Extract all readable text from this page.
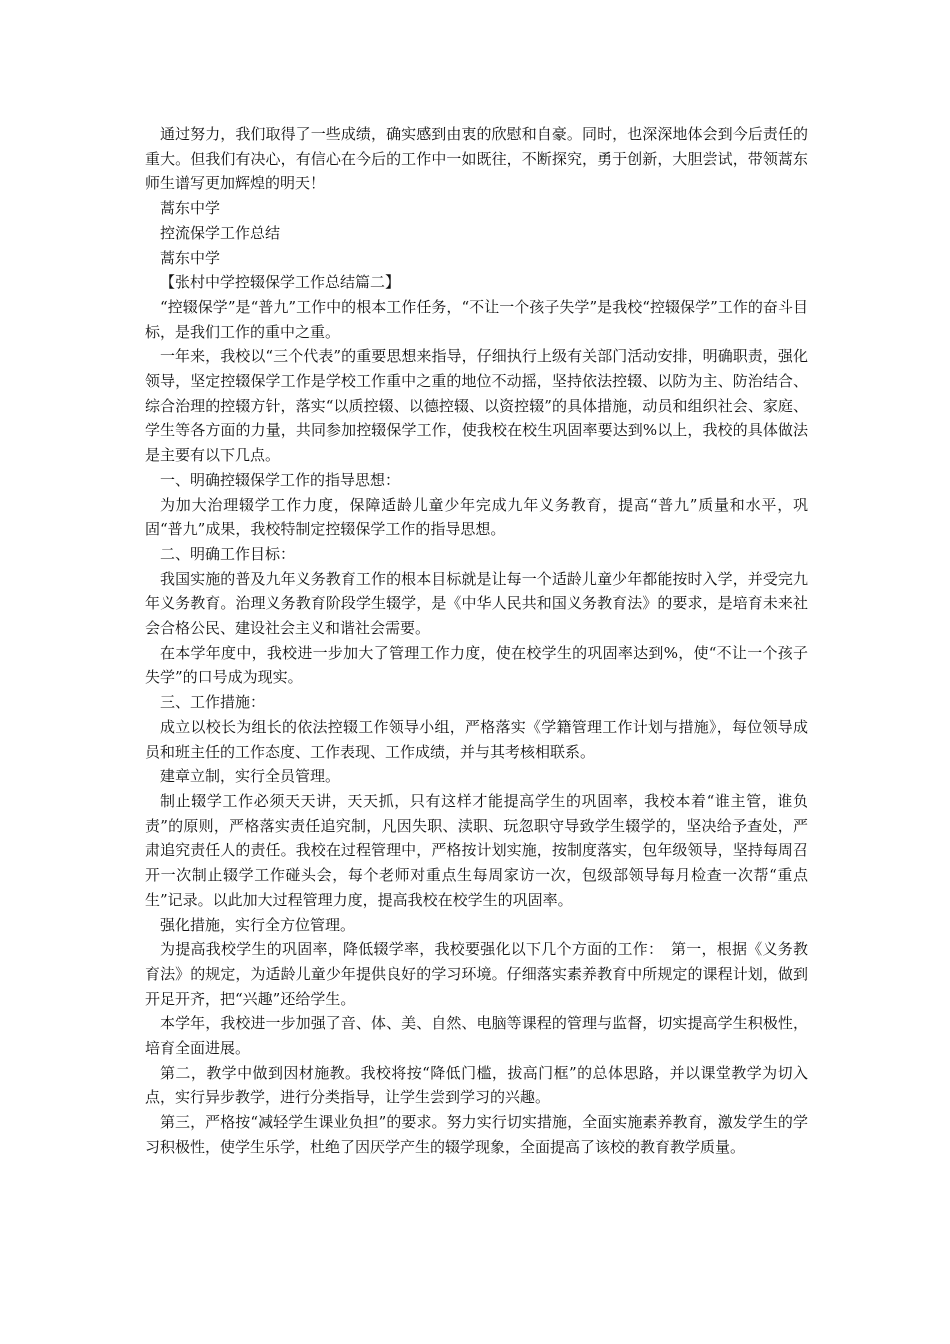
通过努力，我们取得了一些成绩，确实感到由衷的欣慰和自豪。同时，也深深地体会到今后责任的重大。但我们有决心，有信心在今后的工作中一如既往，不断探究，勇于创新，大胆尝试，带领蒿东师生谱写更加辉煌的明天！

蒿东中学

控流保学工作总结

蒿东中学

【张村中学控辍保学工作总结篇二】

“控辍保学”是“普九”工作中的根本工作任务，“不让一个孩子失学”是我校“控辍保学”工作的奋斗目标，是我们工作的重中之重。

一年来，我校以“三个代表”的重要思想来指导，仔细执行上级有关部门活动安排，明确职责，强化领导，坚定控辍保学工作是学校工作重中之重的地位不动摇，坚持依法控辍、以防为主、防治结合、综合治理的控辍方针，落实“以质控辍、以德控辍、以资控辍”的具体措施，动员和组织社会、家庭、学生等各方面的力量，共同参加控辍保学工作，使我校在校生巩固率要达到%以上，我校的具体做法是主要有以下几点。

一、明确控辍保学工作的指导思想：

为加大治理辍学工作力度，保障适龄儿童少年完成九年义务教育，提高“普九”质量和水平，巩固“普九”成果，我校特制定控辍保学工作的指导思想。

二、明确工作目标：

我国实施的普及九年义务教育工作的根本目标就是让每一个适龄儿童少年都能按时入学，并受完九年义务教育。治理义务教育阶段学生辍学，是《中华人民共和国义务教育法》的要求，是培育未来社会合格公民、建设社会主义和谐社会需要。

在本学年度中，我校进一步加大了管理工作力度，使在校学生的巩固率达到%，使“不让一个孩子失学”的口号成为现实。

三、工作措施：

成立以校长为组长的依法控辍工作领导小组，严格落实《学籍管理工作计划与措施》，每位领导成员和班主任的工作态度、工作表现、工作成绩，并与其考核相联系。

建章立制，实行全员管理。

制止辍学工作必须天天讲，天天抓，只有这样才能提高学生的巩固率，我校本着“谁主管，谁负责”的原则，严格落实责任追究制，凡因失职、渎职、玩忽职守导致学生辍学的，坚决给予查处，严肃追究责任人的责任。我校在过程管理中，严格按计划实施，按制度落实，包年级领导，坚持每周召开一次制止辍学工作碰头会，每个老师对重点生每周家访一次，包级部领导每月检查一次帮“重点生”记录。以此加大过程管理力度，提高我校在校学生的巩固率。

强化措施，实行全方位管理。

为提高我校学生的巩固率，降低辍学率，我校要强化以下几个方面的工作：　第一，根据《义务教育法》的规定，为适龄儿童少年提供良好的学习环境。仔细落实素养教育中所规定的课程计划，做到开足开齐，把“兴趣”还给学生。

本学年，我校进一步加强了音、体、美、自然、电脑等课程的管理与监督，切实提高学生积极性，培育全面进展。

第二，教学中做到因材施教。我校将按“降低门槛，拔高门框”的总体思路，并以课堂教学为切入点，实行异步教学，进行分类指导，让学生尝到学习的兴趣。

第三，严格按“减轻学生课业负担”的要求。努力实行切实措施，全面实施素养教育，激发学生的学习积极性，使学生乐学，杜绝了因厌学产生的辍学现象，全面提高了该校的教育教学质量。
